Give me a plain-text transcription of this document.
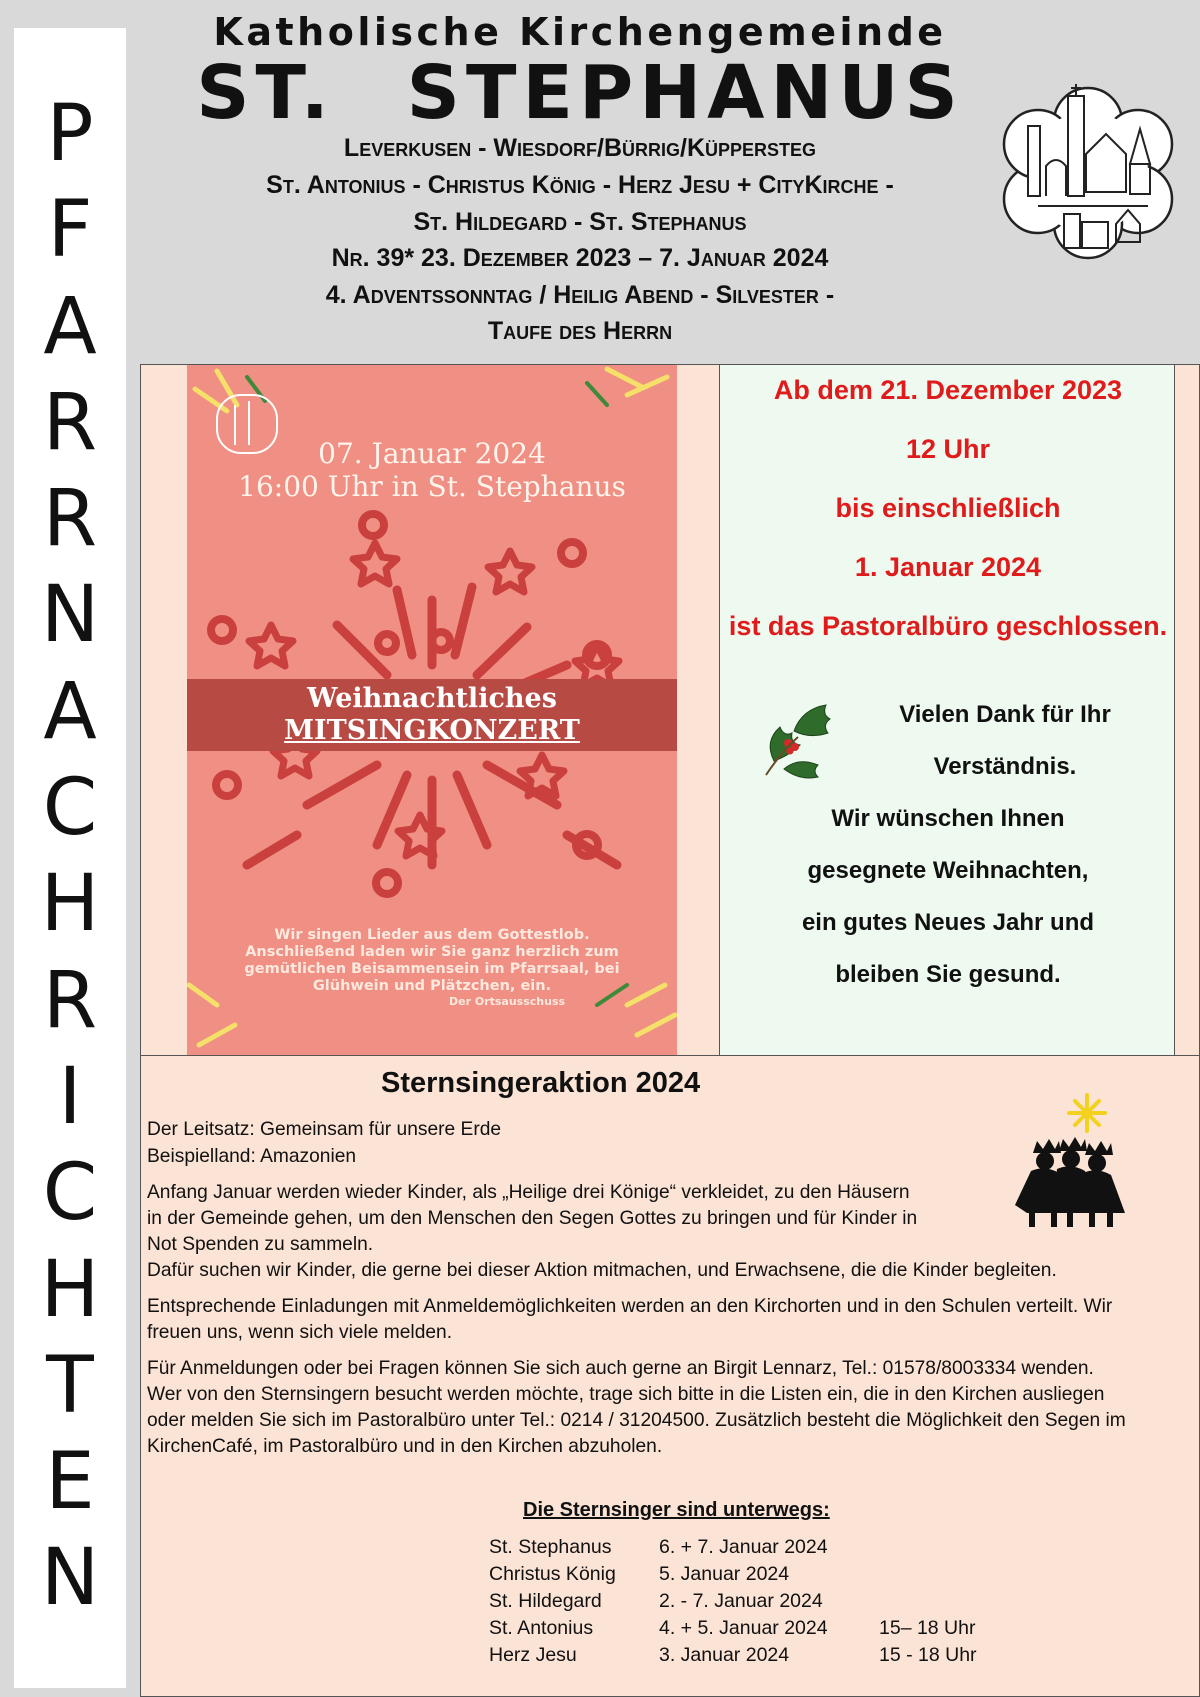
P
F
A
R
R
N
A
C
H
R
I
C
H
T
E
N
Katholische Kirchengemeinde
ST. STEPHANUS
Leverkusen - Wiesdorf/Bürrig/Küppersteg
St. Antonius - Christus König - Herz Jesu + CityKirche -
St. Hildegard - St. Stephanus
Nr. 39* 23. Dezember 2023 – 7. Januar 2024
4. Adventssonntag / Heilig Abend - Silvester -
Taufe des Herrn
07. Januar 2024
16:00 Uhr in St. Stephanus
Weihnachtliches
MITSINGKONZERT
Wir singen Lieder aus dem Gottestlob. Anschließend laden wir Sie ganz herzlich zum gemütlichen Beisammensein im Pfarrsaal, bei Glühwein und Plätzchen, ein.
Der Ortsausschuss
Ab dem 21. Dezember 2023
12 Uhr
bis einschließlich
1. Januar 2024
ist das Pastoralbüro geschlossen.
Vielen Dank für Ihr
Verständnis.
Wir wünschen Ihnen
gesegnete Weihnachten,
ein gutes Neues Jahr und
bleiben Sie gesund.
Sternsingeraktion 2024
Der Leitsatz: Gemeinsam für unsere Erde
Beispielland: Amazonien
Anfang Januar werden wieder Kinder, als „Heilige drei Könige“ verkleidet, zu den Häusern
in der Gemeinde gehen, um den Menschen den Segen Gottes zu bringen und für Kinder in
Not Spenden zu sammeln.
Dafür suchen wir Kinder, die gerne bei dieser Aktion mitmachen, und Erwachsene, die die Kinder begleiten.
Entsprechende Einladungen mit Anmeldemöglichkeiten werden an den Kirchorten und in den Schulen verteilt. Wir
freuen uns, wenn sich viele melden.
Für Anmeldungen oder bei Fragen können Sie sich auch gerne an Birgit Lennarz, Tel.: 01578/8003334 wenden.
Wer von den Sternsingern besucht werden möchte, trage sich bitte in die Listen ein, die in den Kirchen ausliegen
oder melden Sie sich im Pastoralbüro unter Tel.: 0214 / 31204500. Zusätzlich besteht die Möglichkeit den Segen im
KirchenCafé, im Pastoralbüro und in den Kirchen abzuholen.
Die Sternsinger sind unterwegs:
St. Stephanus 6. + 7. Januar 2024
Christus König 5. Januar 2024
St. Hildegard	2. - 7. Januar 2024
St. Antonius	4. + 5. Januar 2024	15– 18 Uhr
Herz Jesu	3. Januar 2024	15 - 18 Uhr
